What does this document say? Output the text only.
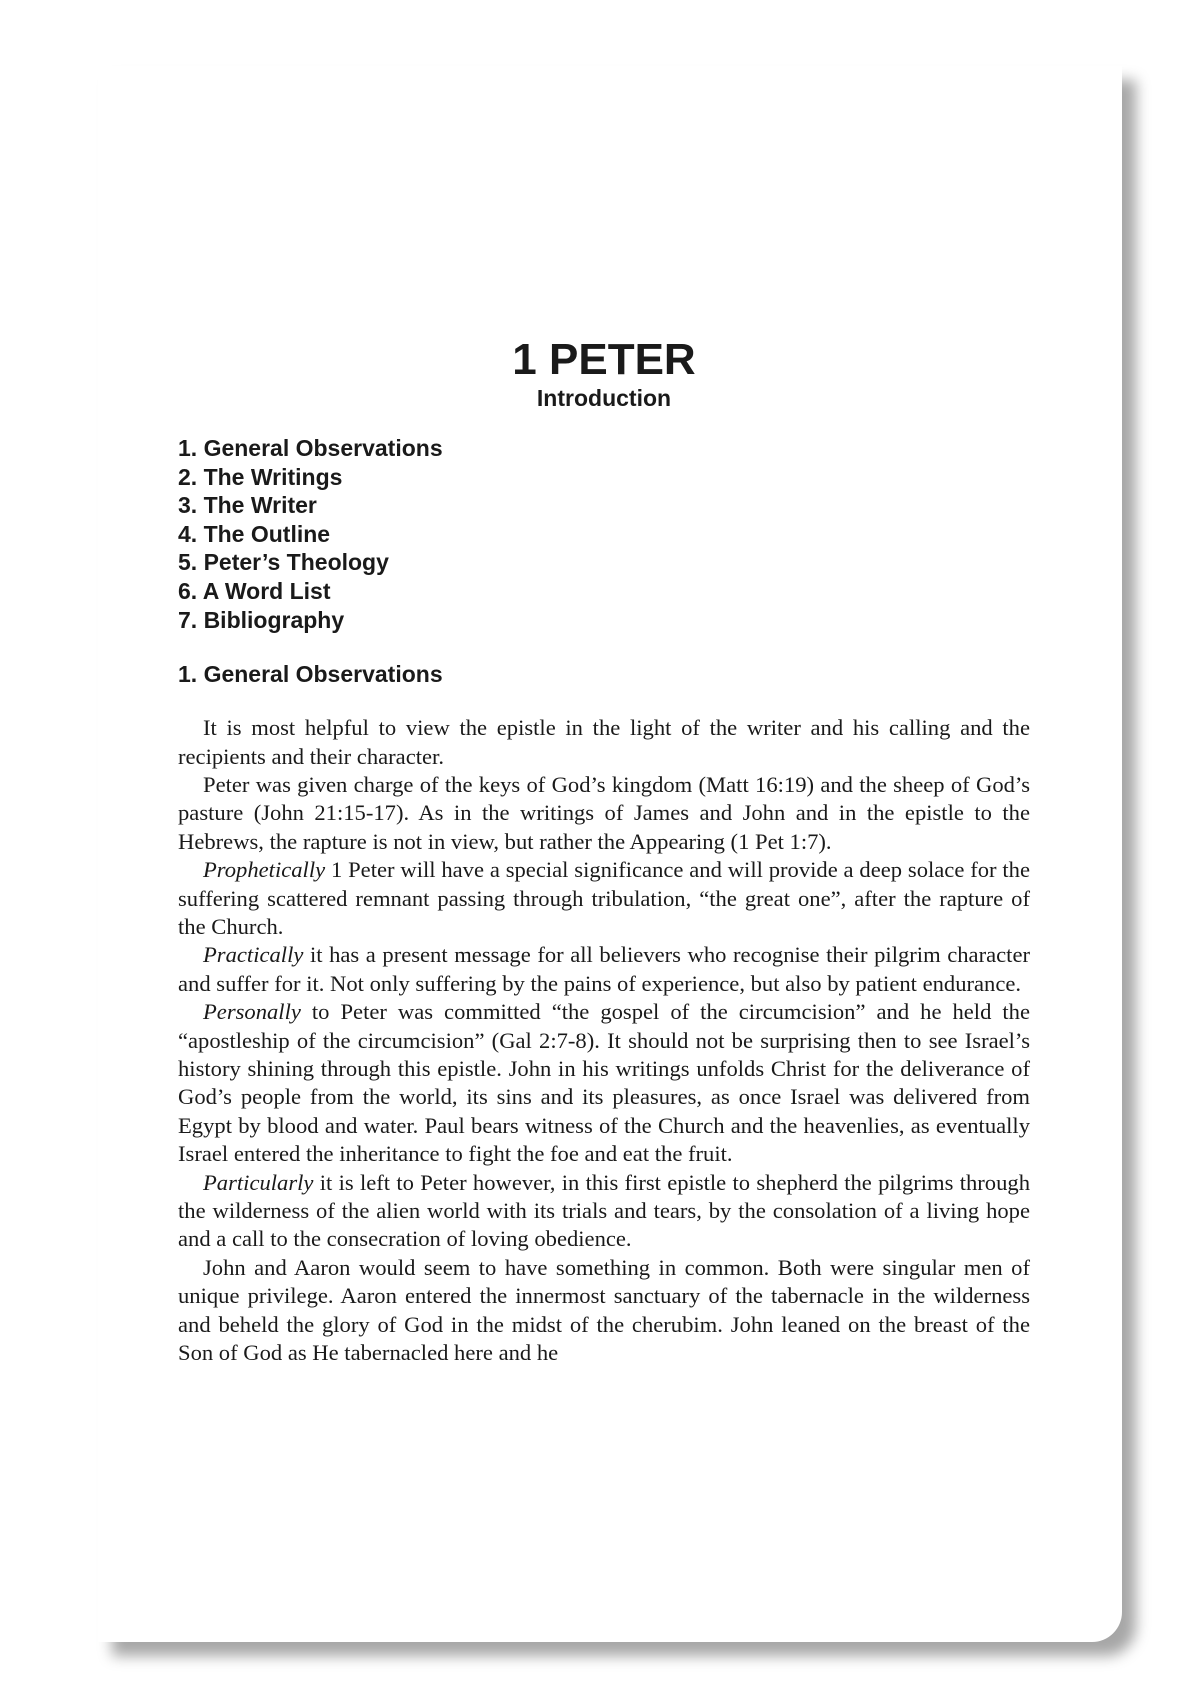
1 PETER
Introduction
1. General Observations
2. The Writings
3. The Writer
4. The Outline
5. Peter’s Theology
6. A Word List
7. Bibliography
1. General Observations

It is most helpful to view the epistle in the light of the writer and his calling and the recipients and their character.

Peter was given charge of the keys of God’s kingdom (Matt 16:19) and the sheep of God’s pasture (John 21:15-17). As in the writings of James and John and in the epistle to the Hebrews, the rapture is not in view, but rather the Appearing (1 Pet 1:7).

Prophetically 1 Peter will have a special significance and will provide a deep solace for the suffering scattered remnant passing through tribulation, “the great one”, after the rapture of the Church.

Practically it has a present message for all believers who recognise their pilgrim character and suffer for it. Not only suffering by the pains of experience, but also by patient endurance.

Personally to Peter was committed “the gospel of the circumcision” and he held the “apostleship of the circumcision” (Gal 2:7-8). It should not be surprising then to see Israel’s history shining through this epistle. John in his writings unfolds Christ for the deliverance of God’s people from the world, its sins and its pleasures, as once Israel was delivered from Egypt by blood and water. Paul bears witness of the Church and the heavenlies, as eventually Israel entered the inheritance to fight the foe and eat the fruit.

Particularly it is left to Peter however, in this first epistle to shepherd the pilgrims through the wilderness of the alien world with its trials and tears, by the consolation of a living hope and a call to the consecration of loving obedience.

John and Aaron would seem to have something in common. Both were singular men of unique privilege. Aaron entered the innermost sanctuary of the tabernacle in the wilderness and beheld the glory of God in the midst of the cherubim. John leaned on the breast of the Son of God as He tabernacled here and he
